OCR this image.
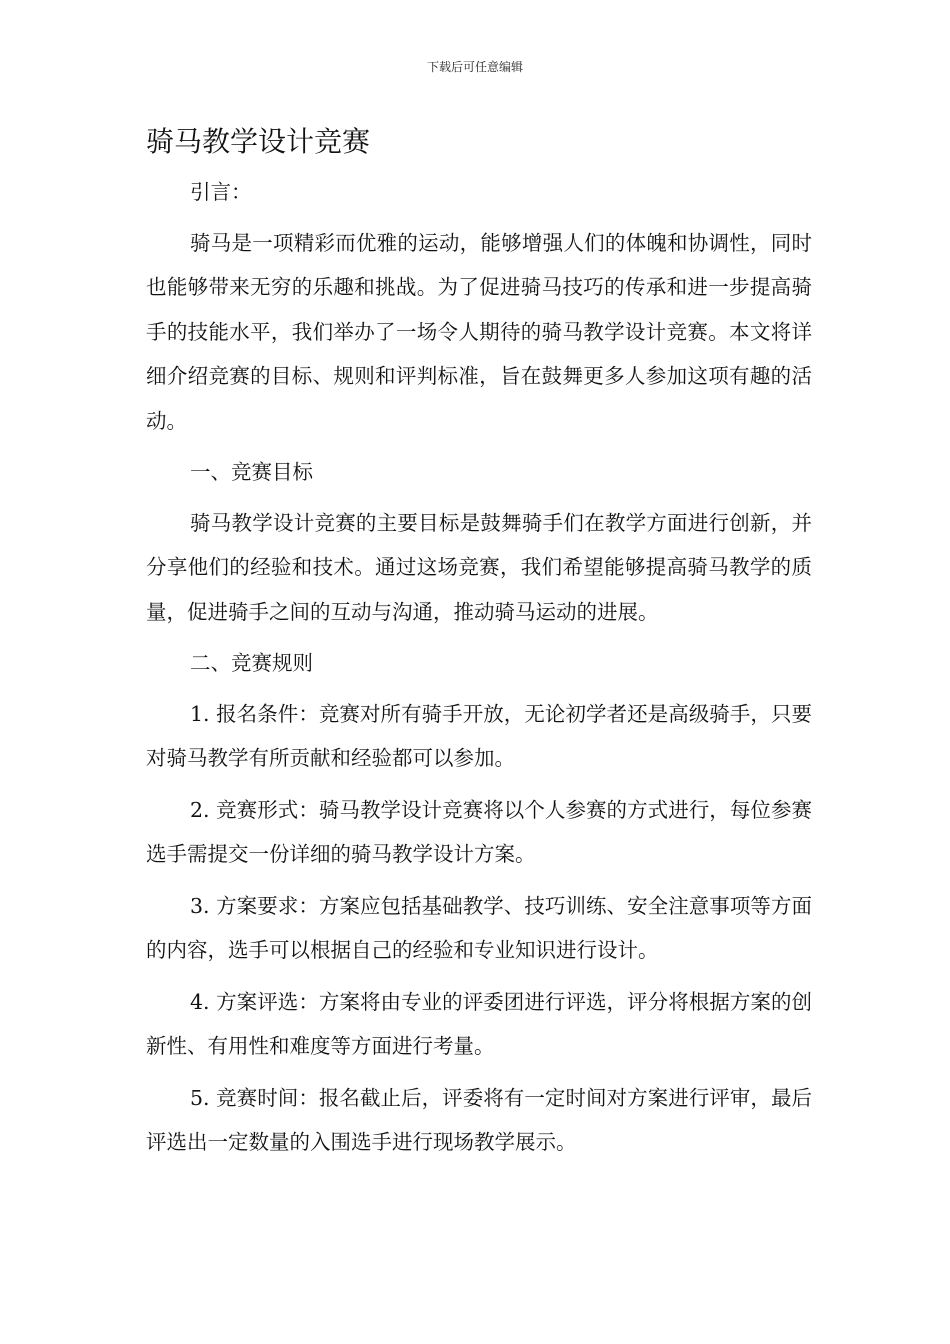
下载后可任意编辑
骑马教学设计竞赛

引言：

骑马是一项精彩而优雅的运动，能够增强人们的体魄和协调性，同时也能够带来无穷的乐趣和挑战。为了促进骑马技巧的传承和进一步提高骑手的技能水平，我们举办了一场令人期待的骑马教学设计竞赛。本文将详细介绍竞赛的目标、规则和评判标准，旨在鼓舞更多人参加这项有趣的活动。

一、竞赛目标

骑马教学设计竞赛的主要目标是鼓舞骑手们在教学方面进行创新，并分享他们的经验和技术。通过这场竞赛，我们希望能够提高骑马教学的质量，促进骑手之间的互动与沟通，推动骑马运动的进展。

二、竞赛规则

1. 报名条件：竞赛对所有骑手开放，无论初学者还是高级骑手，只要对骑马教学有所贡献和经验都可以参加。

2. 竞赛形式：骑马教学设计竞赛将以个人参赛的方式进行，每位参赛选手需提交一份详细的骑马教学设计方案。

3. 方案要求：方案应包括基础教学、技巧训练、安全注意事项等方面的内容，选手可以根据自己的经验和专业知识进行设计。

4. 方案评选：方案将由专业的评委团进行评选，评分将根据方案的创新性、有用性和难度等方面进行考量。

5. 竞赛时间：报名截止后，评委将有一定时间对方案进行评审，最后评选出一定数量的入围选手进行现场教学展示。
